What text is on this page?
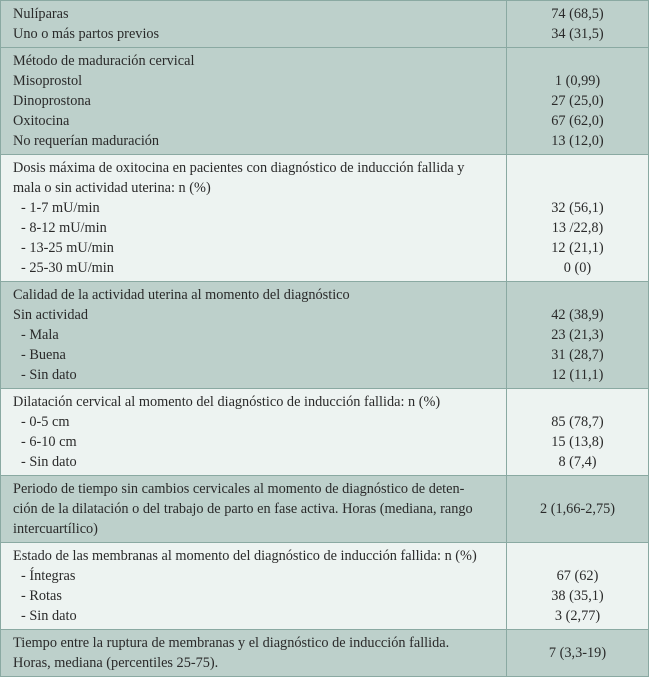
Nulíparas
Uno o más partos previos
74 (68,5)
34 (31,5)
Método de maduración cervical
Misoprostol
Dinoprostona
Oxitocina
No requerían maduración
1 (0,99)
27 (25,0)
67 (62,0)
13 (12,0)
Dosis máxima de oxitocina en pacientes con diagnóstico de inducción fallida y
mala o sin actividad uterina: n (%)
- 1-7 mU/min
- 8-12 mU/min
- 13-25 mU/min
- 25-30 mU/min
32 (56,1)
13 /22,8)
12 (21,1)
0 (0)
Calidad de la actividad uterina al momento del diagnóstico
Sin actividad
- Mala
- Buena
- Sin dato
42 (38,9)
23 (21,3)
31 (28,7)
12 (11,1)
Dilatación cervical al momento del diagnóstico de inducción fallida: n (%)
- 0-5 cm
- 6-10 cm
- Sin dato
85 (78,7)
15 (13,8)
8 (7,4)
Periodo de tiempo sin cambios cervicales al momento de diagnóstico de deten-
ción de la dilatación o del trabajo de parto en fase activa. Horas (mediana, rango
intercuartílico)
2 (1,66-2,75)
Estado de las membranas al momento del diagnóstico de inducción fallida: n (%)
- Íntegras
- Rotas
- Sin dato
67 (62)
38 (35,1)
3 (2,77)
Tiempo entre la ruptura de membranas y el diagnóstico de inducción fallida.
Horas, mediana (percentiles 25-75).
7 (3,3-19)
